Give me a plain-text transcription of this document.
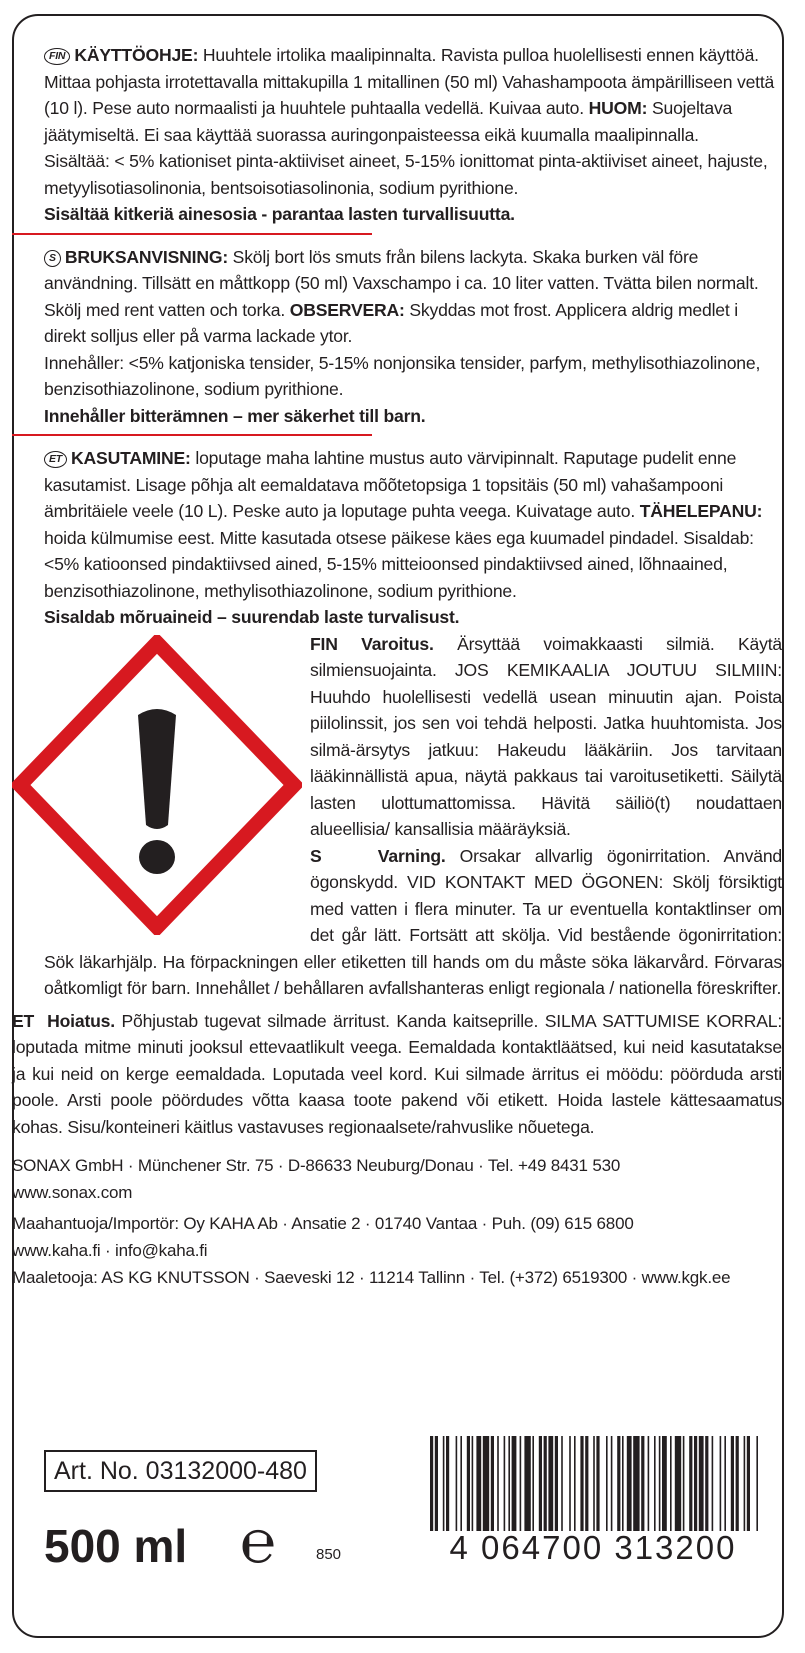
FIN KÄYTTÖOHJE: Huuhtele irtolika maalipinnalta. Ravista pulloa huolellisesti ennen käyttöä. Mittaa pohjasta irrotettavalla mittakupilla 1 mitallinen (50 ml) Vahashampoota ämpärilliseen vettä (10 l). Pese auto normaalisti ja huuhtele puhtaalla vedellä. Kuivaa auto. HUOM: Suojeltava jäätymiseltä. Ei saa käyttää suorassa auringonpaisteessa eikä kuumalla maalipinnalla.

Sisältää: < 5% kationiset pinta-aktiiviset aineet, 5-15% ionittomat pinta-aktiiviset aineet, hajuste, metyylisotiasolinonia, bentsoisotiasolinonia, sodium pyrithione.

Sisältää kitkeriä ainesosia - parantaa lasten turvallisuutta.

S BRUKSANVISNING: Skölj bort lös smuts från bilens lackyta. Skaka burken väl före användning. Tillsätt en måttkopp (50 ml) Vaxschampo i ca. 10 liter vatten. Tvätta bilen normalt. Skölj med rent vatten och torka. OBSERVERA: Skyddas mot frost. Applicera aldrig medlet i direkt solljus eller på varma lackade ytor.

Innehåller: <5% katjoniska tensider, 5-15% nonjonsika tensider, parfym, methylisothiazolinone, benzisothiazolinone, sodium pyrithione.

Innehåller bitterämnen – mer säkerhet till barn.

ET KASUTAMINE: loputage maha lahtine mustus auto värvipinnalt. Raputage pudelit enne kasutamist. Lisage põhja alt eemaldatava mõõtetopsiga 1 topsitäis (50 ml) vahašampooni ämbritäiele veele (10 L). Peske auto ja loputage puhta veega. Kuivatage auto. TÄHELEPANU: hoida külmumise eest. Mitte kasutada otsese päikese käes ega kuumadel pindadel. Sisaldab: <5% katioonsed pindaktiivsed ained, 5-15% mitteioonsed pindaktiivsed ained, lõhnaained, benzisothiazolinone, methylisothiazolinone, sodium pyrithione.

Sisaldab mõruaineid – suurendab laste turvalisust.

FIN Varoitus. Ärsyttää voimakkaasti silmiä. Käytä silmiensuojainta. JOS KEMIKAALIA JOUTUU SILMIIN: Huuhdo huolellisesti vedellä usean minuutin ajan. Poista piilolinssit, jos sen voi tehdä helposti. Jatka huuhtomista. Jos silmä-ärsytys jatkuu: Hakeudu lääkäriin. Jos tarvitaan lääkinnällistä apua, näytä pakkaus tai varoitusetiketti. Säilytä lasten ulottumattomissa. Hävitä säiliö(t) noudattaen alueellisia/ kansallisia määräyksiä.

S    Varning. Orsakar allvarlig ögonirritation. Använd ögonskydd. VID KONTAKT MED ÖGONEN: Skölj försiktigt med vatten i flera minuter. Ta ur eventuella kontaktlinser om det går lätt. Fortsätt att skölja. Vid bestående ögonirritation: Sök läkarhjälp. Ha förpackningen eller etiketten till hands om du måste söka läkarvård. Förvaras oåtkomligt för barn. Innehållet / behållaren avfallshanteras enligt regionala / nationella föreskrifter.

ET  Hoiatus. Põhjustab tugevat silmade ärritust. Kanda kaitseprille. SILMA SATTUMISE KORRAL: loputada mitme minuti jooksul ettevaatlikult veega. Eemaldada kontaktläätsed, kui neid kasutatakse ja kui neid on kerge eemaldada. Loputada veel kord. Kui silmade ärritus ei möödu: pöörduda arsti poole. Arsti poole pöördudes võtta kaasa toote pakend või etikett. Hoida lastele kättesaamatus kohas. Sisu/konteineri käitlus vastavuses regionaalsete/rahvuslike nõuetega.

SONAX GmbH · Münchener Str. 75 · D-86633 Neuburg/Donau · Tel. +49 8431 530

www.sonax.com

Maahantuoja/Importör: Oy KAHA Ab · Ansatie 2 · 01740 Vantaa · Puh. (09) 615 6800

www.kaha.fi · info@kaha.fi

Maaletooja: AS KG KNUTSSON · Saeveski 12 · 11214 Tallinn · Tel. (+372) 6519300 · www.kgk.ee

Art. No. 03132000-480
500 ml ℮	850	4 064700 313200
